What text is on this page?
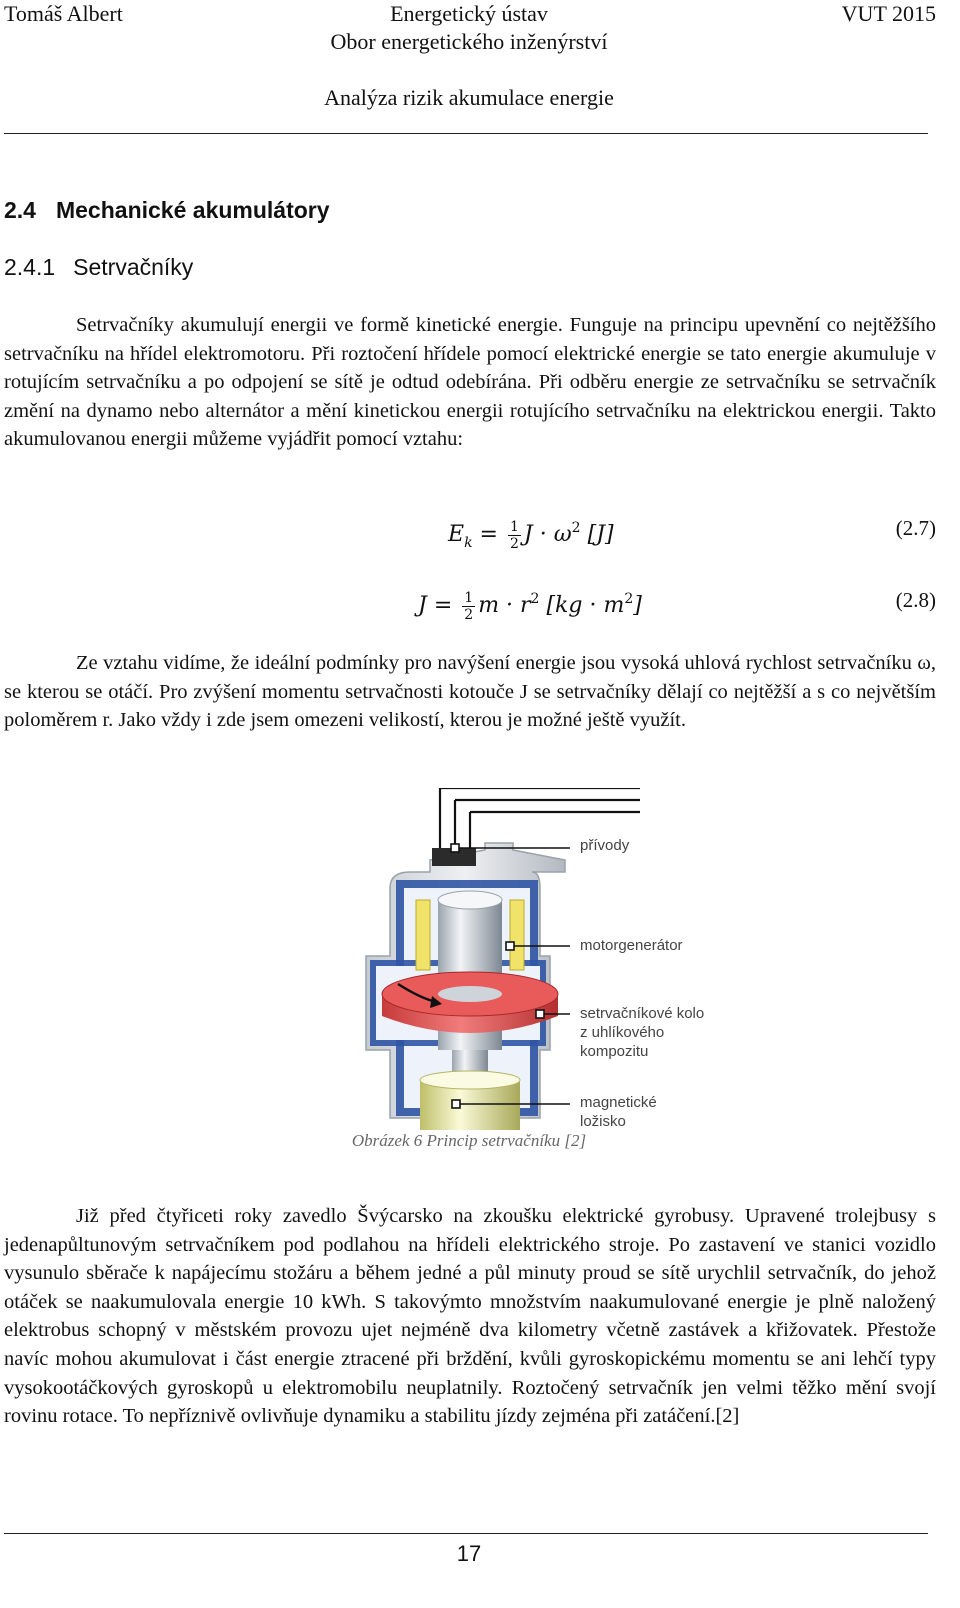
Tomáš Albert	Energetický ústav	VUT 2015
Obor energetického inženýrství
Analýza rizik akumulace energie
2.4 Mechanické akumulátory
2.4.1 Setrvačníky
Setrvačníky akumulují energii ve formě kinetické energie. Funguje na principu upevnění co nejtěžšího setrvačníku na hřídel elektromotoru. Při roztočení hřídele pomocí elektrické energie se tato energie akumuluje v rotujícím setrvačníku a po odpojení se sítě je odtud odebírána. Při odběru energie ze setrvačníku se setrvačník změní na dynamo nebo alternátor a mění kinetickou energii rotujícího setrvačníku na elektrickou energii. Takto akumulovanou energii můžeme vyjádřit pomocí vztahu:
$E_k = \frac{1}{2}$ $J \cdot \omega^2$ [J]	(2.7)
$J = \frac{1}{2}$ $m \cdot r^2$ $[kg \cdot m^2]$	(2.8)
Ze vztahu vidíme, že ideální podmínky pro navýšení energie jsou vysoká uhlová rychlost setrvačníku ω, se kterou se otáčí. Pro zvýšení momentu setrvačnosti kotouče J se setrvačníky dělají co nejtěžší a s co největším poloměrem r. Jako vždy i zde jsem omezeni velikostí, kterou je možné ještě využít.
přívody
motorgenerátor
setrvačníkové kolo
z uhlíkového
kompozitu
magnetické
ložisko
Obrázek 6 Princip setrvačníku [2]
Již před čtyřiceti roky zavedlo Švýcarsko na zkoušku elektrické gyrobusy. Upravené trolejbusy s jedenapůltunovým setrvačníkem pod podlahou na hřídeli elektrického stroje. Po zastavení ve stanici vozidlo vysunulo sběrače k napájecímu stožáru a během jedné a půl minuty proud se sítě urychlil setrvačník, do jehož otáček se naakumulovala energie 10 kWh. S takovýmto množstvím naakumulované energie je plně naložený elektrobus schopný v městském provozu ujet nejméně dva kilometry včetně zastávek a křižovatek. Přestože navíc mohou akumulovat i část energie ztracené při brždění, kvůli gyroskopickému momentu se ani lehčí typy vysokootáčkových gyroskopů u elektromobilu neuplatnily. Roztočený setrvačník jen velmi těžko mění svojí rovinu rotace. To nepříznivě ovlivňuje dynamiku a stabilitu jízdy zejména při zatáčení.[2]
17
